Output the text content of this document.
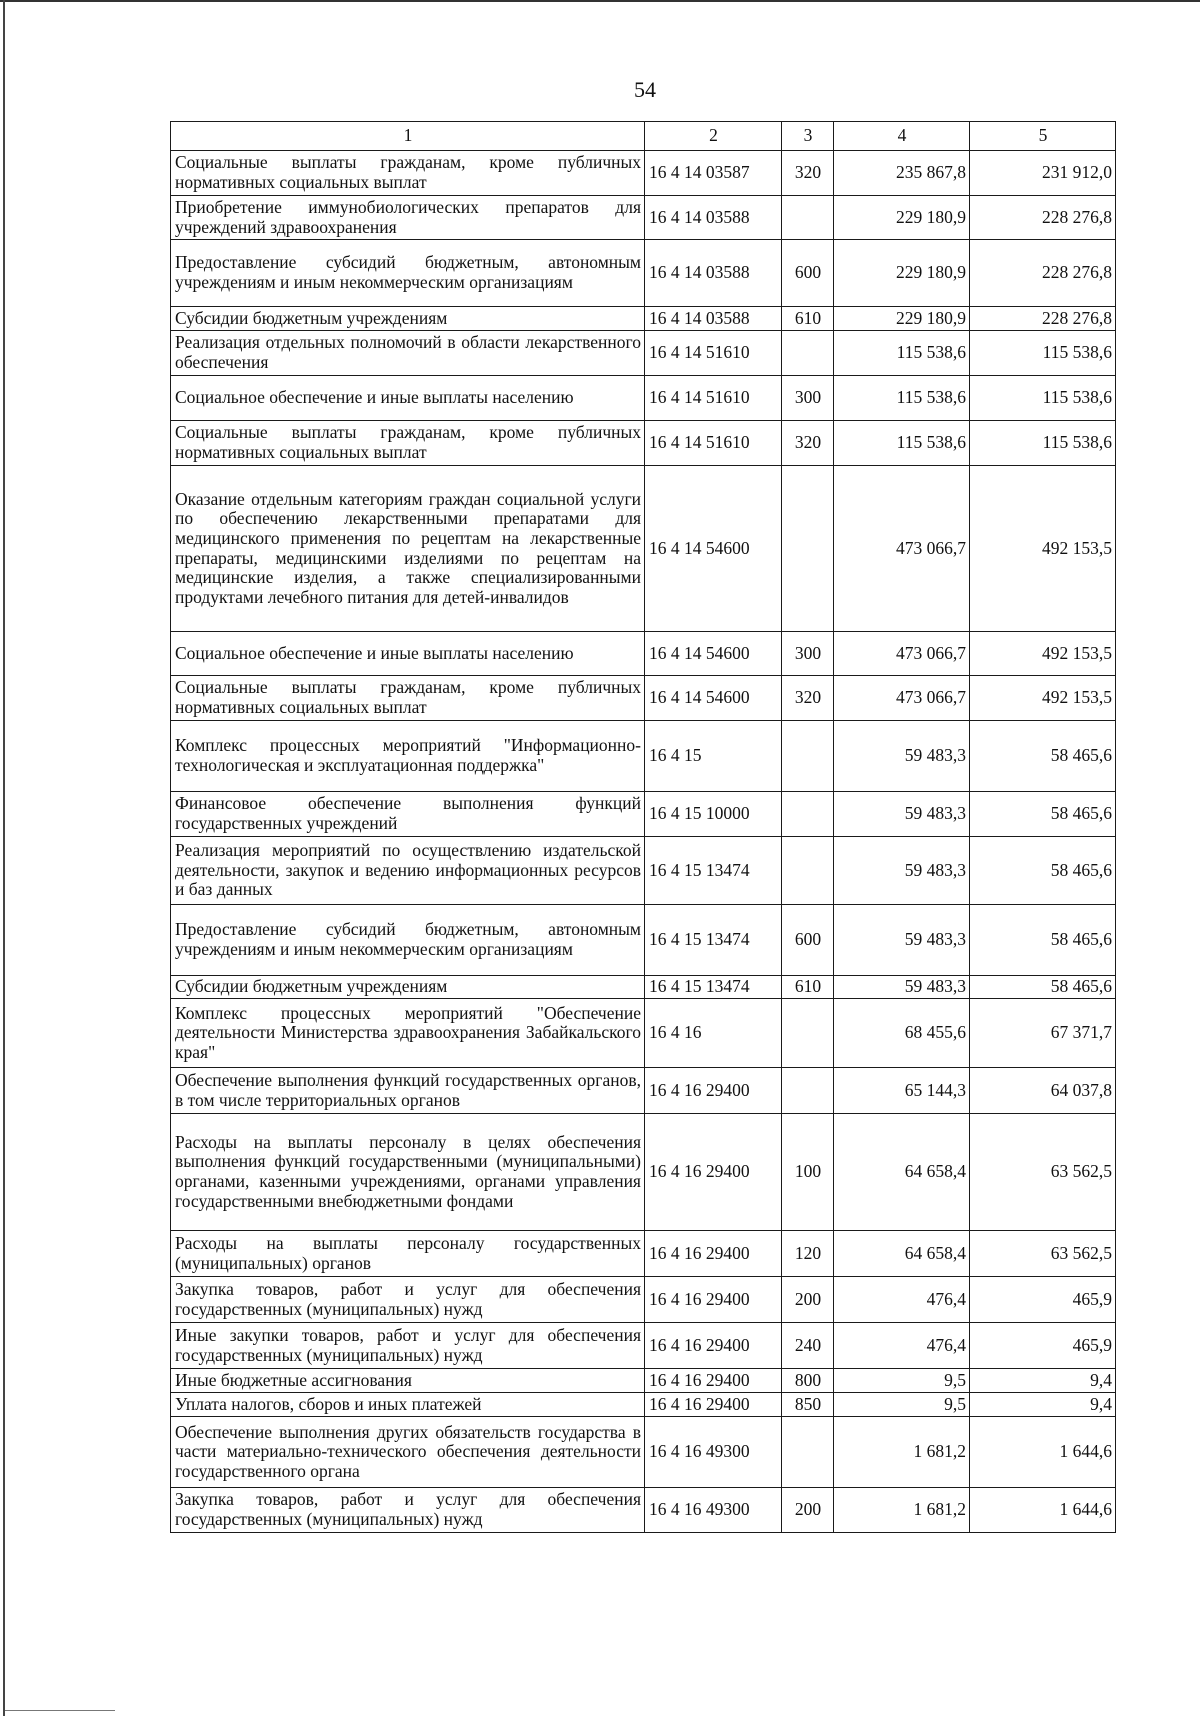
54
1	2	3	4	5
Социальные выплаты гражданам, кроме публичных нормативных социальных выплат	16 4 14 03587	320	235 867,8	231 912,0
Приобретение иммунобиологических препаратов для учреждений здравоохранения	16 4 14 03588		229 180,9	228 276,8
Предоставление субсидий бюджетным, автономным учреждениям и иным некоммерческим организациям	16 4 14 03588	600	229 180,9	228 276,8
Субсидии бюджетным учреждениям	16 4 14 03588	610	229 180,9	228 276,8
Реализация отдельных полномочий в области лекарственного обеспечения	16 4 14 51610		115 538,6	115 538,6
Социальное обеспечение и иные выплаты населению	16 4 14 51610	300	115 538,6	115 538,6
Социальные выплаты гражданам, кроме публичных нормативных социальных выплат	16 4 14 51610	320	115 538,6	115 538,6
Оказание отдельным категориям граждан социальной услуги по обеспечению лекарственными препаратами для медицинского применения по рецептам на лекарственные препараты, медицинскими изделиями по рецептам на медицинские изделия, а также специализированными продуктами лечебного питания для детей-инвалидов	16 4 14 54600		473 066,7	492 153,5
Социальное обеспечение и иные выплаты населению	16 4 14 54600	300	473 066,7	492 153,5
Социальные выплаты гражданам, кроме публичных нормативных социальных выплат	16 4 14 54600	320	473 066,7	492 153,5
Комплекс процессных мероприятий "Информационно-технологическая и эксплуатационная поддержка"	16 4 15		59 483,3	58 465,6
Финансовое обеспечение выполнения функций государственных учреждений	16 4 15 10000		59 483,3	58 465,6
Реализация мероприятий по осуществлению издательской деятельности, закупок и ведению информационных ресурсов и баз данных	16 4 15 13474		59 483,3	58 465,6
Предоставление субсидий бюджетным, автономным учреждениям и иным некоммерческим организациям	16 4 15 13474	600	59 483,3	58 465,6
Субсидии бюджетным учреждениям	16 4 15 13474	610	59 483,3	58 465,6
Комплекс процессных мероприятий "Обеспечение деятельности Министерства здравоохранения Забайкальского края"	16 4 16		68 455,6	67 371,7
Обеспечение выполнения функций государственных органов, в том числе территориальных органов	16 4 16 29400		65 144,3	64 037,8
Расходы на выплаты персоналу в целях обеспечения выполнения функций государственными (муниципальными) органами, казенными учреждениями, органами управления государственными внебюджетными фондами	16 4 16 29400	100	64 658,4	63 562,5
Расходы на выплаты персоналу государственных (муниципальных) органов	16 4 16 29400	120	64 658,4	63 562,5
Закупка товаров, работ и услуг для обеспечения государственных (муниципальных) нужд	16 4 16 29400	200	476,4	465,9
Иные закупки товаров, работ и услуг для обеспечения государственных (муниципальных) нужд	16 4 16 29400	240	476,4	465,9
Иные бюджетные ассигнования	16 4 16 29400	800	9,5	9,4
Уплата налогов, сборов и иных платежей	16 4 16 29400	850	9,5	9,4
Обеспечение выполнения других обязательств государства в части материально-технического обеспечения деятельности государственного органа	16 4 16 49300		1 681,2	1 644,6
Закупка товаров, работ и услуг для обеспечения государственных (муниципальных) нужд	16 4 16 49300	200	1 681,2	1 644,6
